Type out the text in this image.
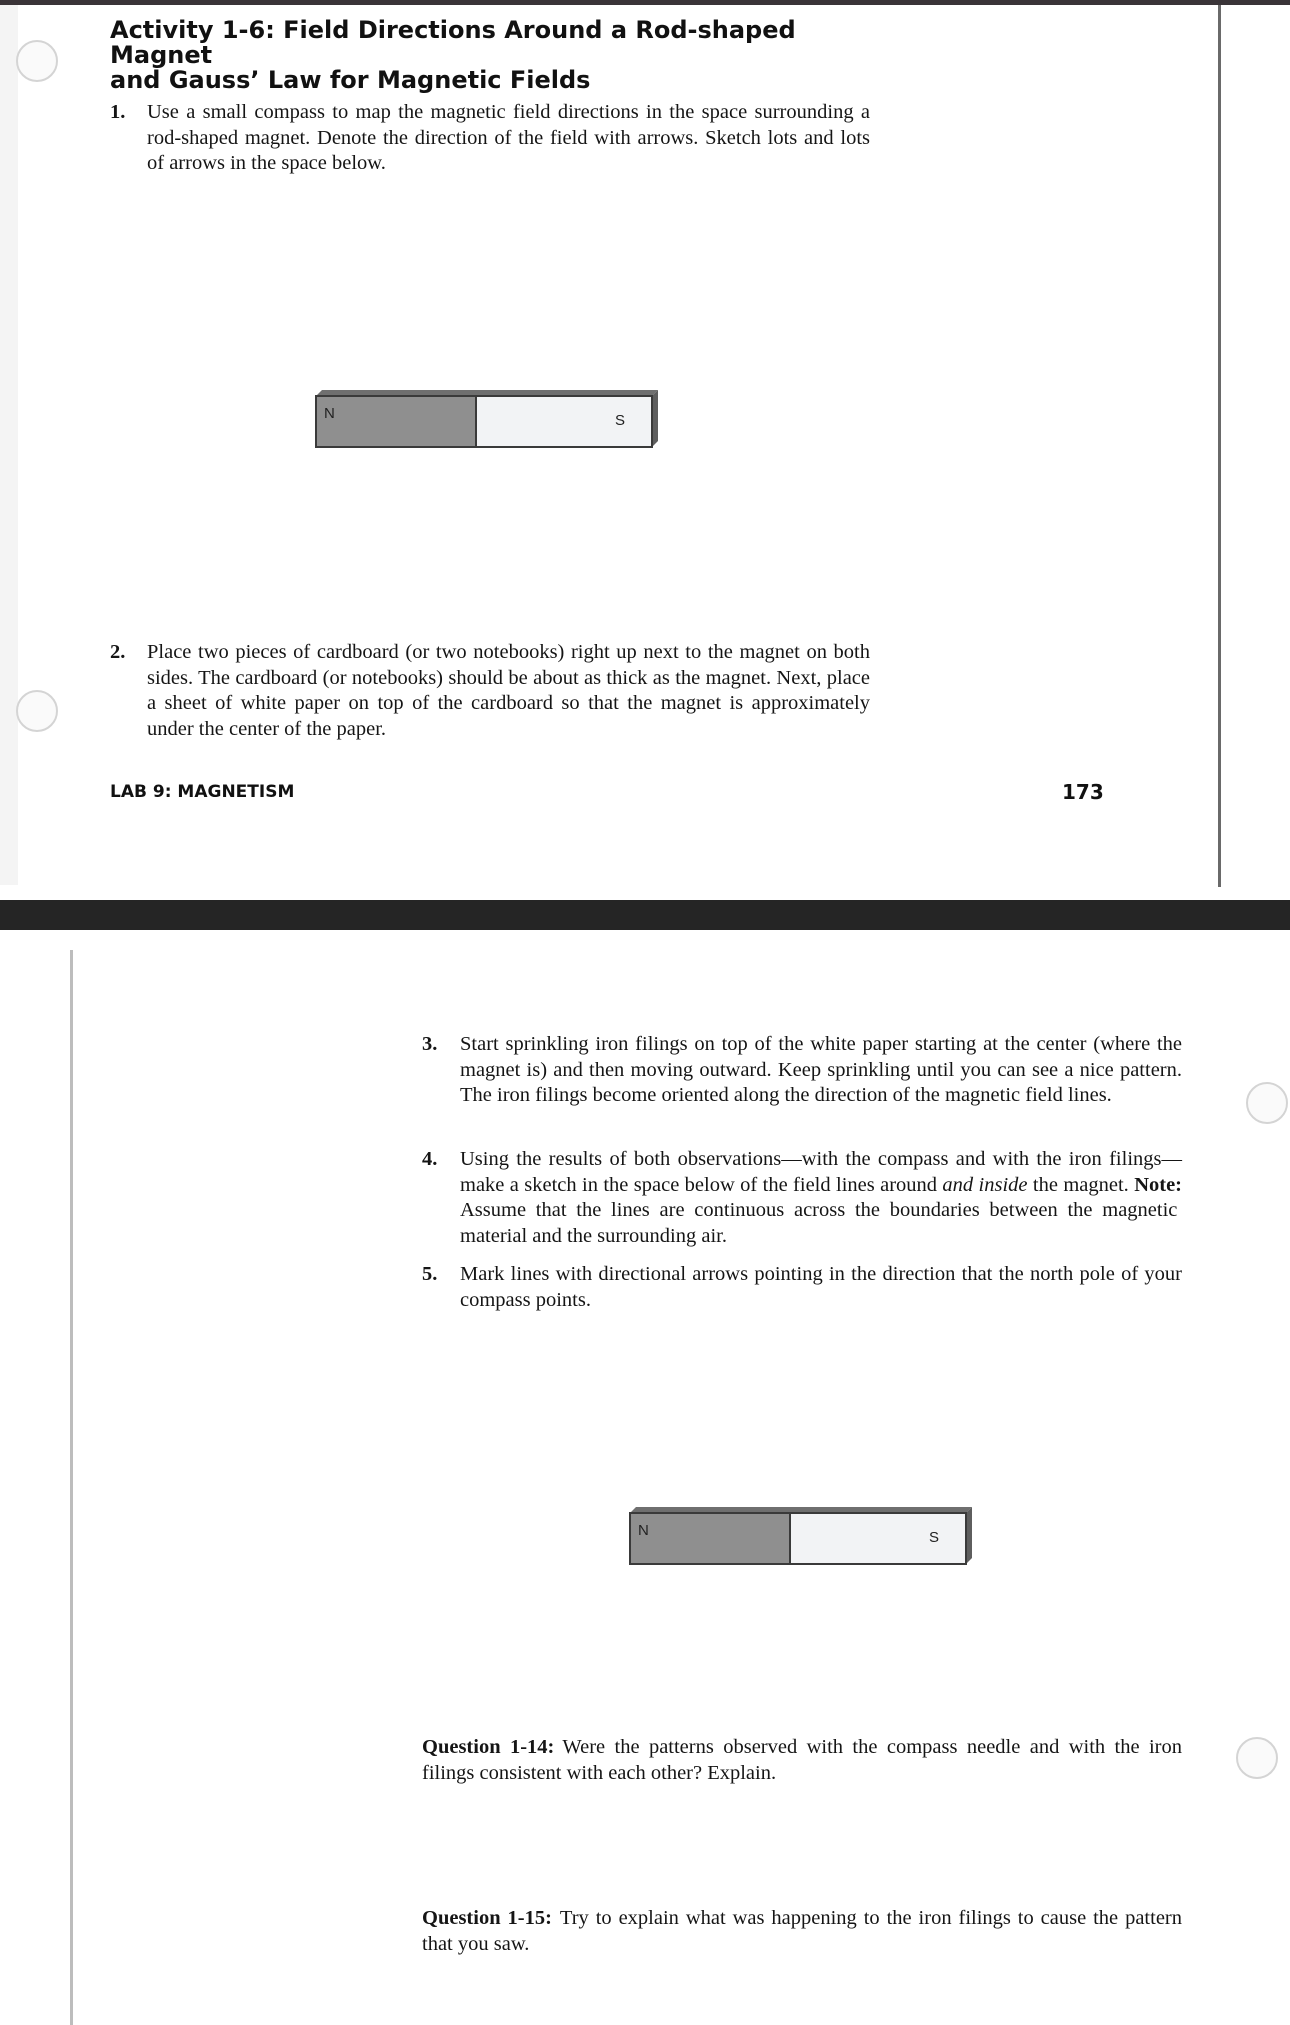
Activity 1-6: Field Directions Around a Rod-shaped Magnet
and Gauss’ Law for Magnetic Fields
1. Use a small compass to map the magnetic field directions in the space surrounding a rod-shaped magnet. Denote the direction of the field with arrows. Sketch lots and lots of arrows in the space below.
N	S
2. Place two pieces of cardboard (or two notebooks) right up next to the magnet on both sides. The cardboard (or notebooks) should be about as thick as the magnet. Next, place a sheet of white paper on top of the cardboard so that the magnet is approximately under the center of the paper.
LAB 9: MAGNETISM	173
3. Start sprinkling iron filings on top of the white paper starting at the center (where the magnet is) and then moving outward. Keep sprinkling until you can see a nice pattern. The iron filings become oriented along the direction of the magnetic field lines.
4. Using the results of both observations—with the compass and with the iron filings—make a sketch in the space below of the field lines around and inside the magnet. Note: Assume that the lines are continuous across the boundaries between the magnetic material and the surrounding air.
5. Mark lines with directional arrows pointing in the direction that the north pole of your compass points.
N	S
Question 1-14: Were the patterns observed with the compass needle and with the iron filings consistent with each other? Explain.
Question 1-15: Try to explain what was happening to the iron filings to cause the pattern that you saw.
